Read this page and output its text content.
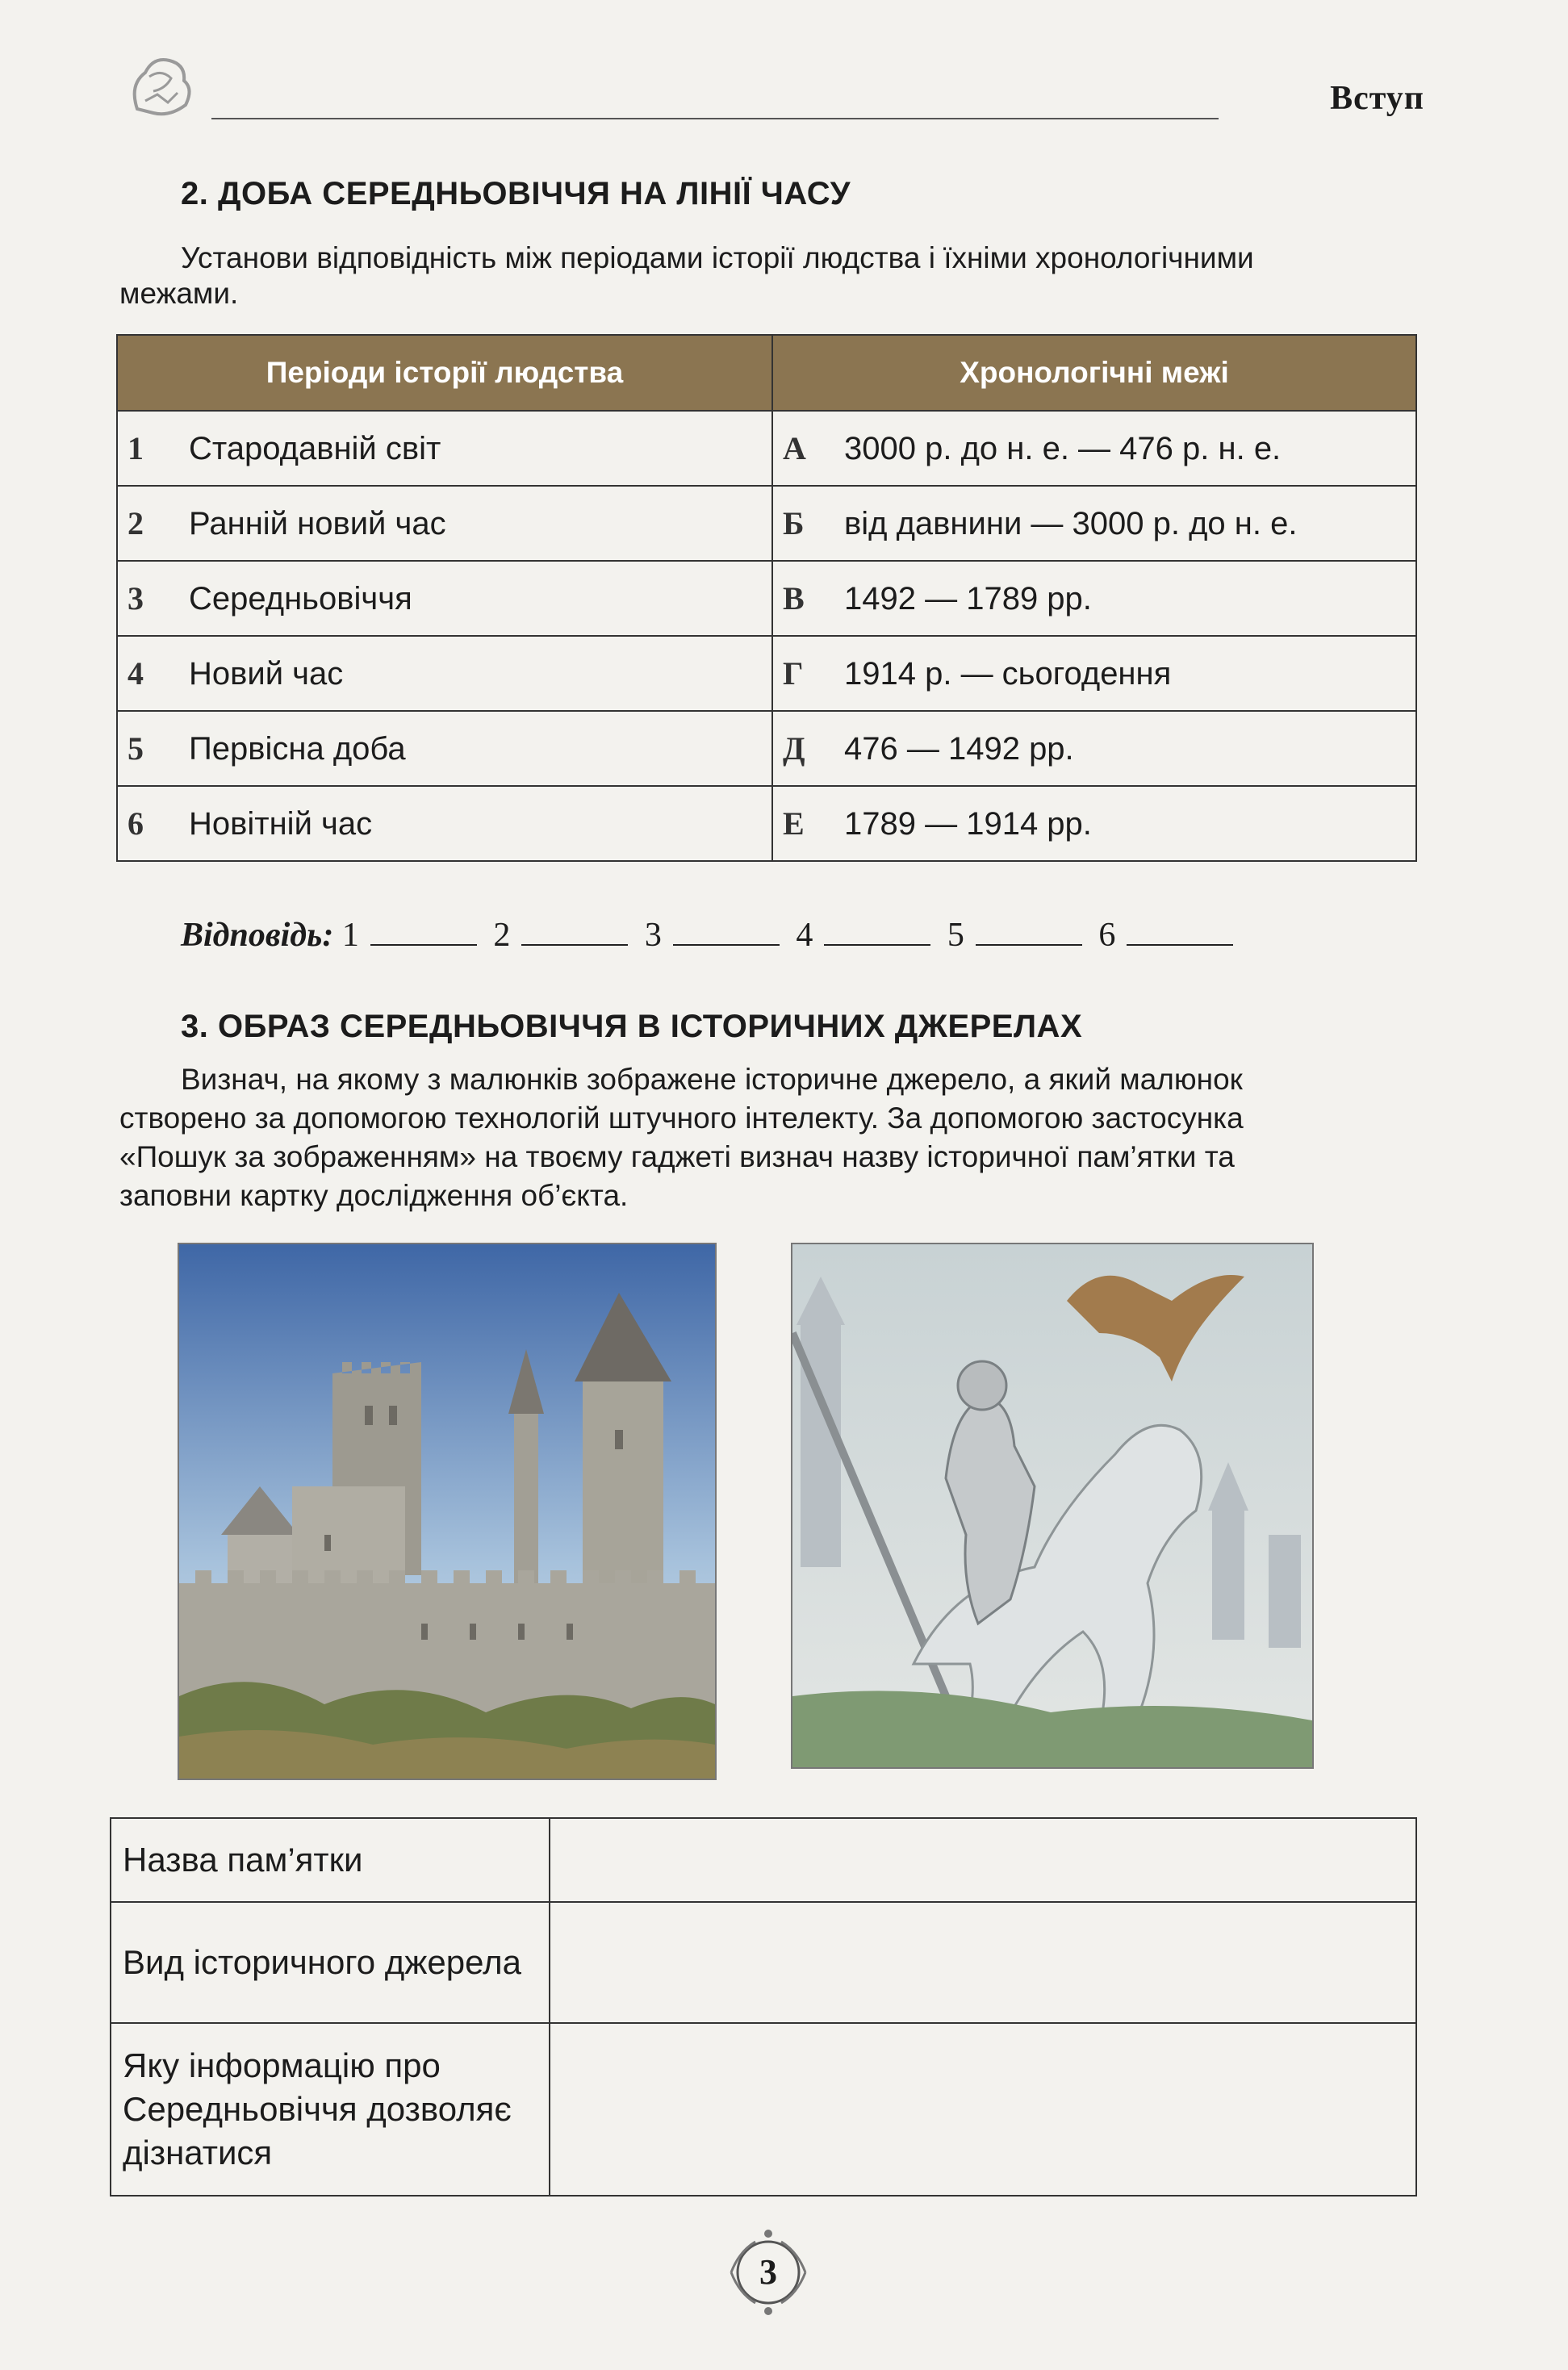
Вступ
2. ДОБА СЕРЕДНЬОВІЧЧЯ НА ЛІНІЇ ЧАСУ
Установи відповідність між періодами історії людства і їхніми хронологічними
межами.
Періоди історії людства	Хронологічні межі
1 Стародавній світ	А 3000 р. до н. е. — 476 р. н. е.
2 Ранній новий час	Б від давнини — 3000 р. до н. е.
3 Середньовіччя	В 1492 — 1789 рр.
4 Новий час	Г 1914 р. — сьогодення
5 Первісна доба	Д 476 — 1492 рр.
6 Новітній час	Е 1789 — 1914 рр.
Відповідь: 1	2	3	4	5	6
3. ОБРАЗ СЕРЕДНЬОВІЧЧЯ В ІСТОРИЧНИХ ДЖЕРЕЛАХ
Визнач, на якому з малюнків зображене історичне джерело, а який малюнок
створено за допомогою технологій штучного інтелекту. За допомогою застосунка
«Пошук за зображенням» на твоєму гаджеті визнач назву історичної пам’ятки та
заповни картку дослідження об’єкта.
Назва пам’ятки	
Вид історичного джерела	
Яку інформацію про Середньовіччя дозволяє дізнатися	
3
